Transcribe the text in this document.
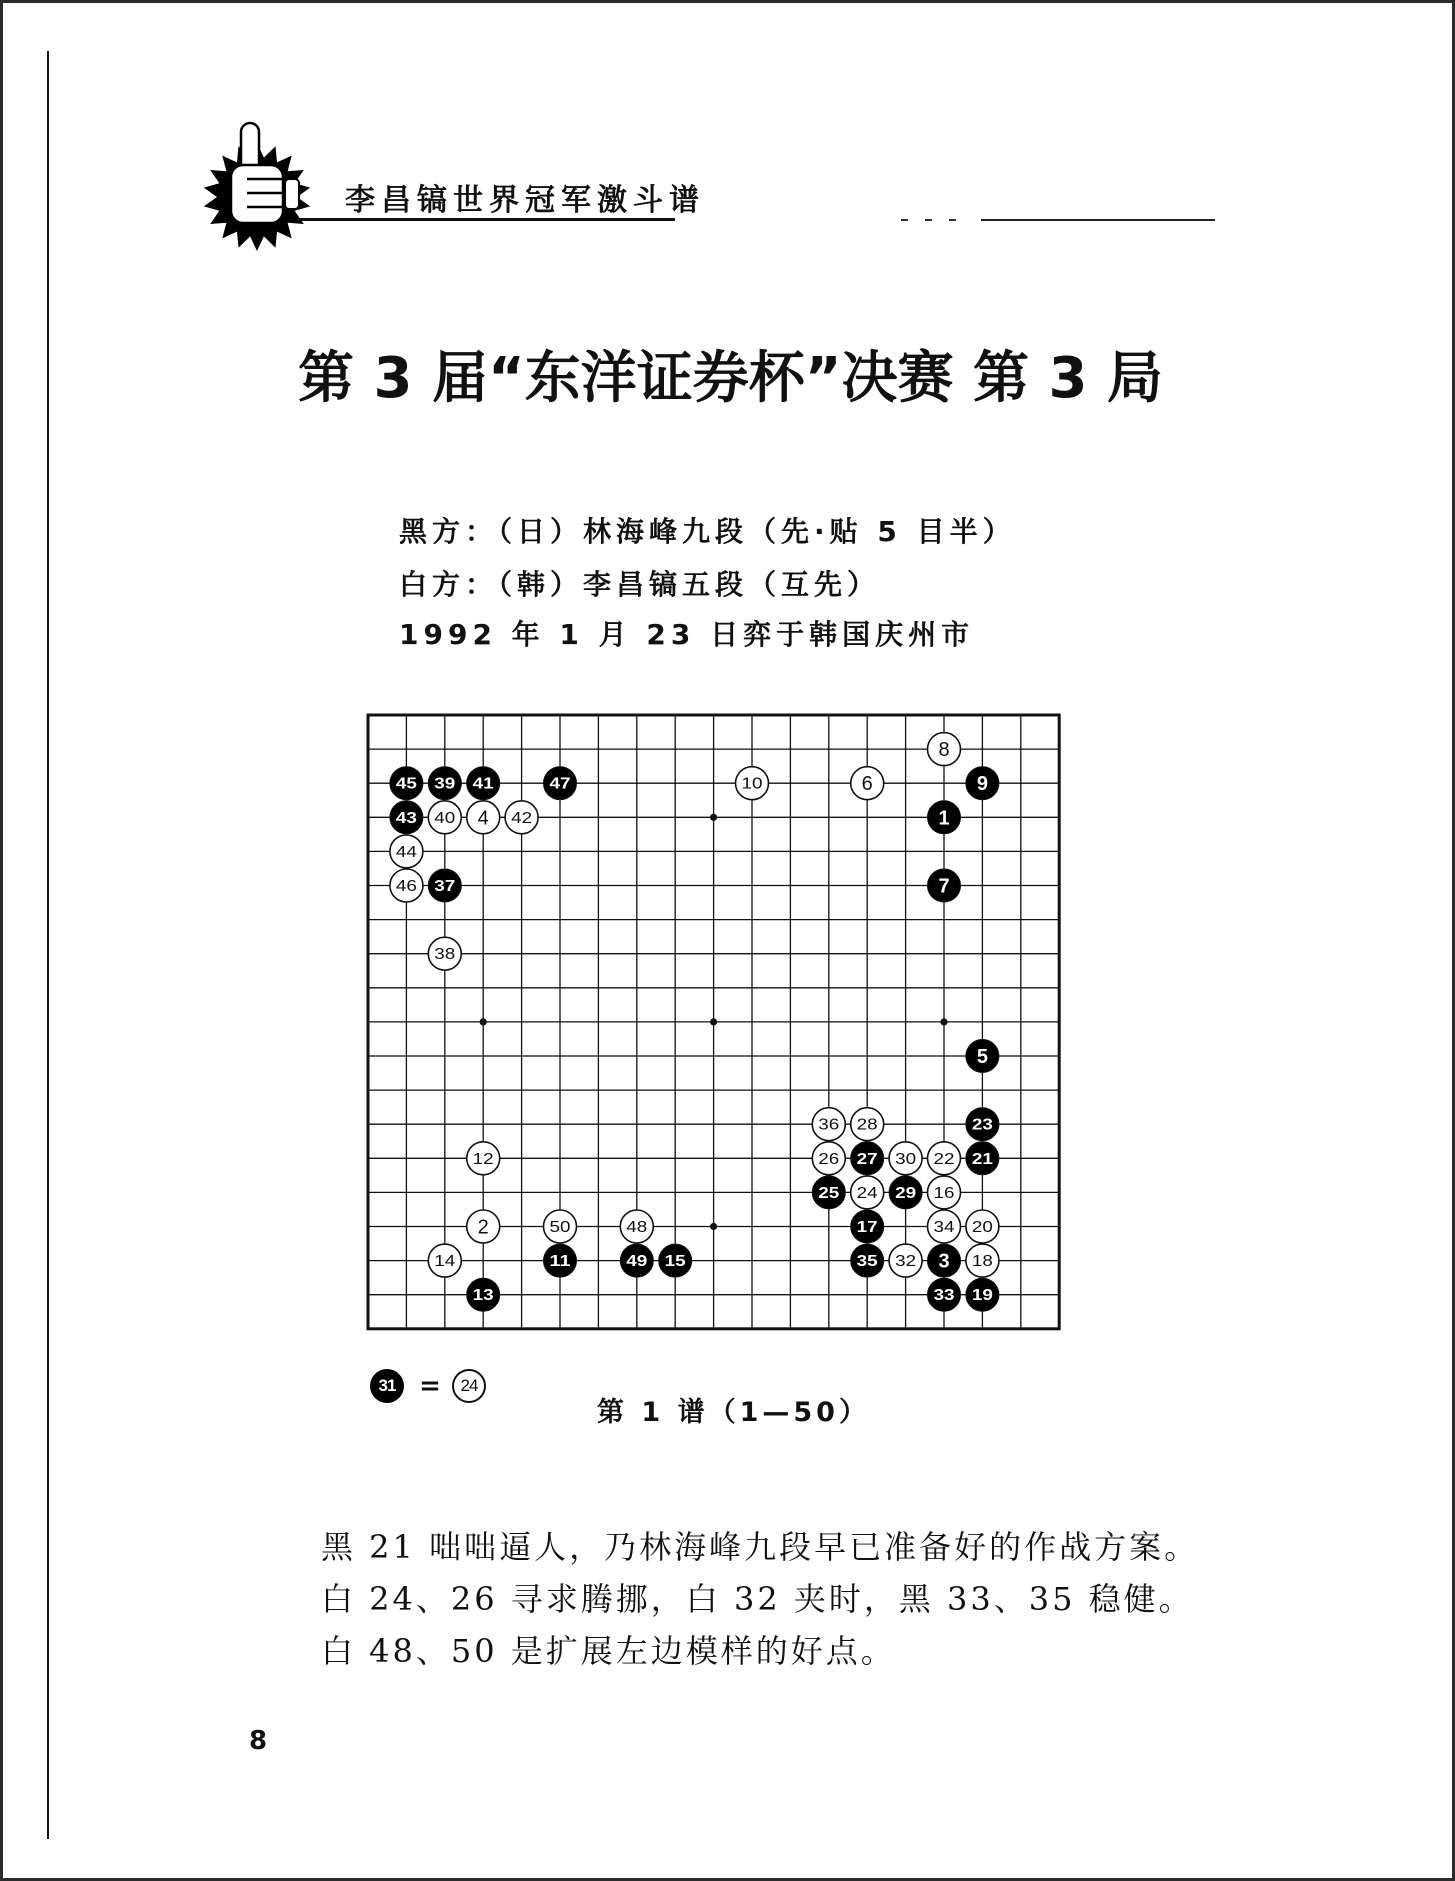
李昌镐世界冠军激斗谱
第 3 届“东洋证券杯”决赛 第 3 局
黑方：（日）林海峰九段（先·贴 5 目半）
白方：（韩）李昌镐五段（互先）
1992 年 1 月 23 日弈于韩国庆州市
8
9
45 39 41	47	10	6
1
43 40 4 42
44
46 37	7
38
5
36 28	23
12	26 27 30 22 21
25 24 29 16
2	50	48	17	34 20
14	11	49 15	35 32 3 18
13	33 19
31 =	24
第 1 谱（1—50）
黑 21 咄咄逼人，乃林海峰九段早已准备好的作战方案。
白 24、26 寻求腾挪，白 32 夹时，黑 33、35 稳健。
白 48、50 是扩展左边模样的好点。
8
